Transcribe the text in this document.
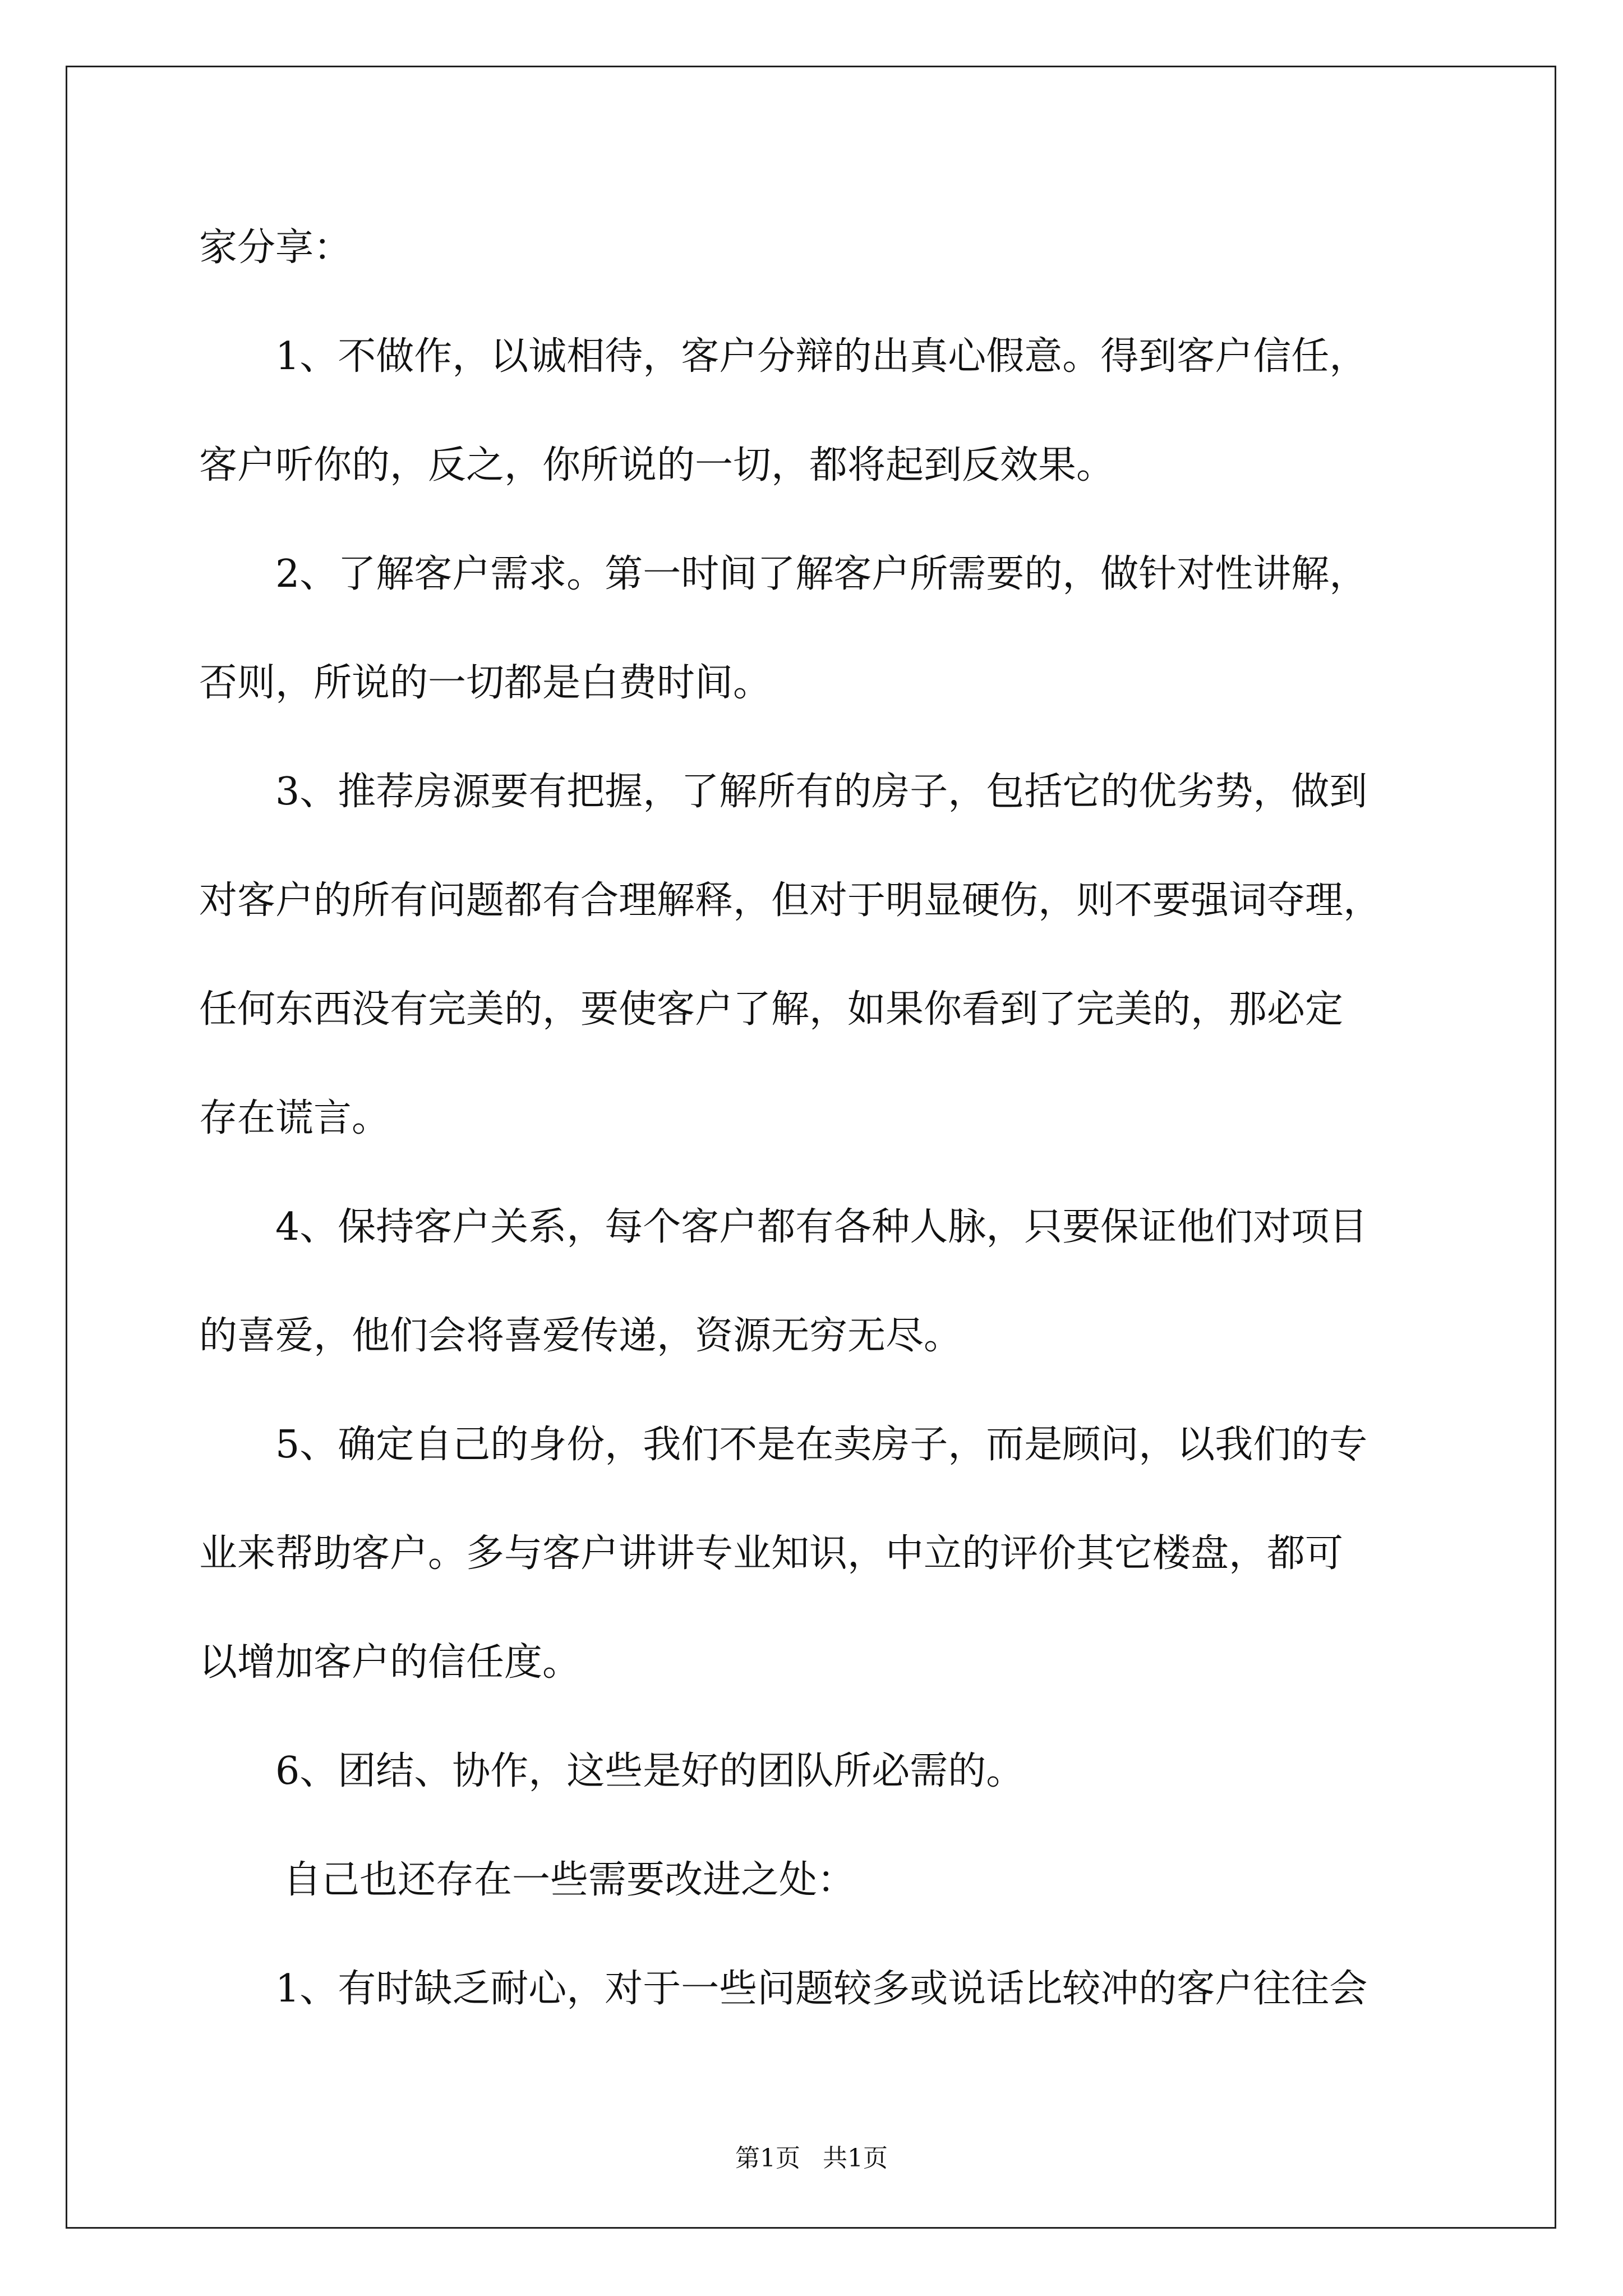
家分享：
1、不做作，以诚相待，客户分辩的出真心假意。得到客户信任，
客户听你的，反之，你所说的一切，都将起到反效果。
2、了解客户需求。第一时间了解客户所需要的，做针对性讲解，
否则，所说的一切都是白费时间。
3、推荐房源要有把握，了解所有的房子，包括它的优劣势，做到
对客户的所有问题都有合理解释，但对于明显硬伤，则不要强词夺理，
任何东西没有完美的，要使客户了解，如果你看到了完美的，那必定
存在谎言。
4、保持客户关系，每个客户都有各种人脉，只要保证他们对项目
的喜爱，他们会将喜爱传递，资源无穷无尽。
5、确定自己的身份，我们不是在卖房子，而是顾问，以我们的专
业来帮助客户。多与客户讲讲专业知识，中立的评价其它楼盘，都可
以增加客户的信任度。
6、团结、协作，这些是好的团队所必需的。
自己也还存在一些需要改进之处：
1、有时缺乏耐心，对于一些问题较多或说话比较冲的客户往往会
第1页 共1页
